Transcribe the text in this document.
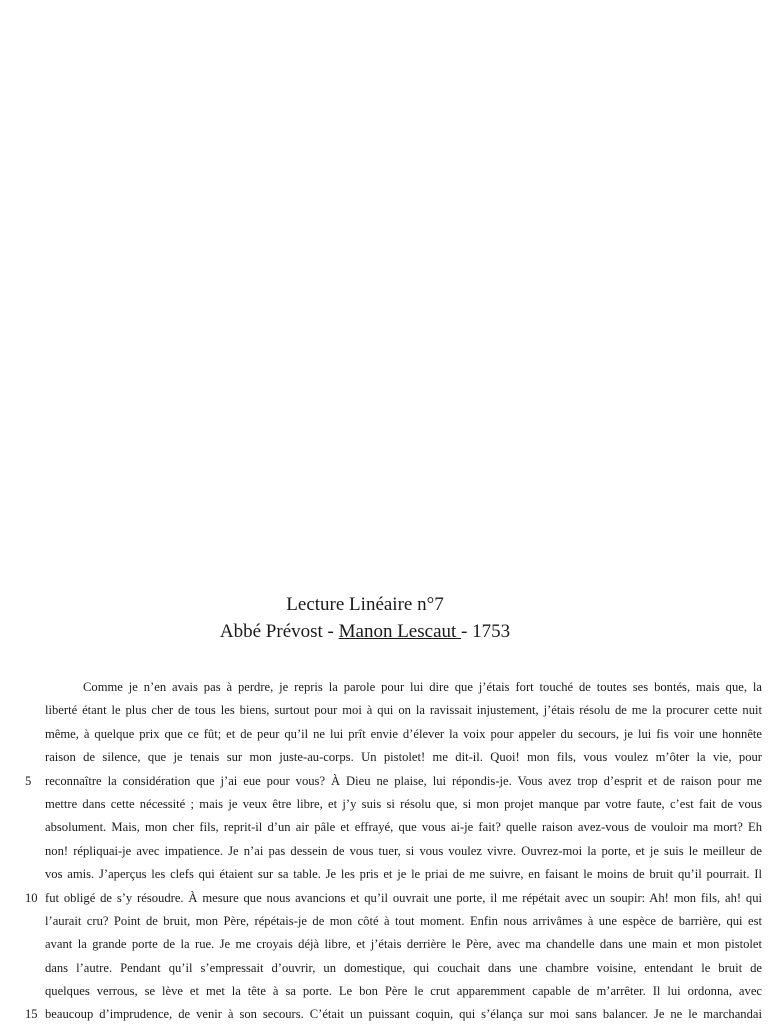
Lecture Linéaire n°7
Abbé Prévost - Manon Lescaut - 1753
Comme je n’en avais pas à perdre, je repris la parole pour lui dire que j’étais fort touché de toutes ses bontés, mais que, la
liberté étant le plus cher de tous les biens, surtout pour moi à qui on la ravissait injustement, j’étais résolu de me la procurer cette nuit
même, à quelque prix que ce fût; et de peur qu’il ne lui prît envie d’élever la voix pour appeler du secours, je lui fis voir une honnête
raison de silence, que je tenais sur mon juste-au-corps. Un pistolet! me dit-il. Quoi! mon fils, vous voulez m’ôter la vie, pour
5 reconnaître la considération que j’ai eue pour vous? À Dieu ne plaise, lui répondis-je. Vous avez trop d’esprit et de raison pour me
mettre dans cette nécessité ; mais je veux être libre, et j’y suis si résolu que, si mon projet manque par votre faute, c’est fait de vous
absolument. Mais, mon cher fils, reprit-il d’un air pâle et effrayé, que vous ai-je fait? quelle raison avez-vous de vouloir ma mort? Eh
non! répliquai-je avec impatience. Je n’ai pas dessein de vous tuer, si vous voulez vivre. Ouvrez-moi la porte, et je suis le meilleur de
vos amis. J’aperçus les clefs qui étaient sur sa table. Je les pris et je le priai de me suivre, en faisant le moins de bruit qu’il pourrait. Il
10 fut obligé de s’y résoudre. À mesure que nous avancions et qu’il ouvrait une porte, il me répétait avec un soupir: Ah! mon fils, ah! qui
l’aurait cru? Point de bruit, mon Père, répétais-je de mon côté à tout moment. Enfin nous arrivâmes à une espèce de barrière, qui est
avant la grande porte de la rue. Je me croyais déjà libre, et j’étais derrière le Père, avec ma chandelle dans une main et mon pistolet
dans l’autre. Pendant qu’il s’empressait d’ouvrir, un domestique, qui couchait dans une chambre voisine, entendant le bruit de
quelques verrous, se lève et met la tête à sa porte. Le bon Père le crut apparemment capable de m’arrêter. Il lui ordonna, avec
15 beaucoup d’imprudence, de venir à son secours. C’était un puissant coquin, qui s’élança sur moi sans balancer. Je ne le marchandai
